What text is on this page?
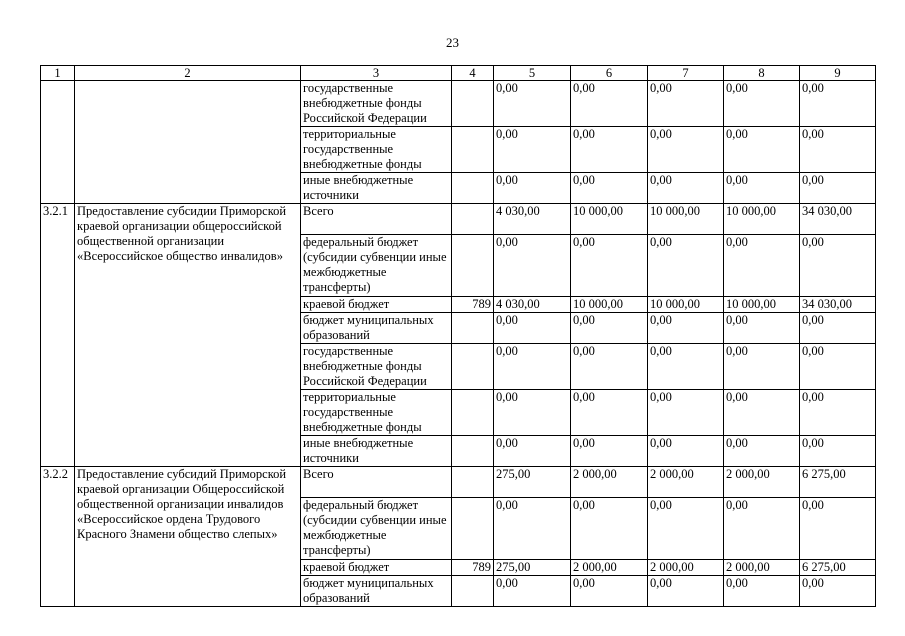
23
1	2	3	4	5	6	7	8	9
		государственные внебюджетные фонды Российской Федерации		0,00	0,00	0,00	0,00	0,00
		территориальные государственные внебюджетные фонды		0,00	0,00	0,00	0,00	0,00
		иные внебюджетные источники		0,00	0,00	0,00	0,00	0,00
3.2.1	Предоставление субсидии Приморской краевой организации общероссийской общественной организации «Всероссийское общество инвалидов»	Всего		4 030,00	10 000,00	10 000,00	10 000,00	34 030,00
		федеральный бюджет (субсидии субвенции иные межбюджетные трансферты)		0,00	0,00	0,00	0,00	0,00
		краевой бюджет	789	4 030,00	10 000,00	10 000,00	10 000,00	34 030,00
		бюджет муниципальных образований		0,00	0,00	0,00	0,00	0,00
		государственные внебюджетные фонды Российской Федерации		0,00	0,00	0,00	0,00	0,00
		территориальные государственные внебюджетные фонды		0,00	0,00	0,00	0,00	0,00
		иные внебюджетные источники		0,00	0,00	0,00	0,00	0,00
3.2.2	Предоставление субсидий Приморской краевой организации Общероссийской общественной организации инвалидов «Всероссийское ордена Трудового Красного Знамени общество слепых»	Всего		275,00	2 000,00	2 000,00	2 000,00	6 275,00
		федеральный бюджет (субсидии субвенции иные межбюджетные трансферты)		0,00	0,00	0,00	0,00	0,00
		краевой бюджет	789	275,00	2 000,00	2 000,00	2 000,00	6 275,00
		бюджет муниципальных образований		0,00	0,00	0,00	0,00	0,00
